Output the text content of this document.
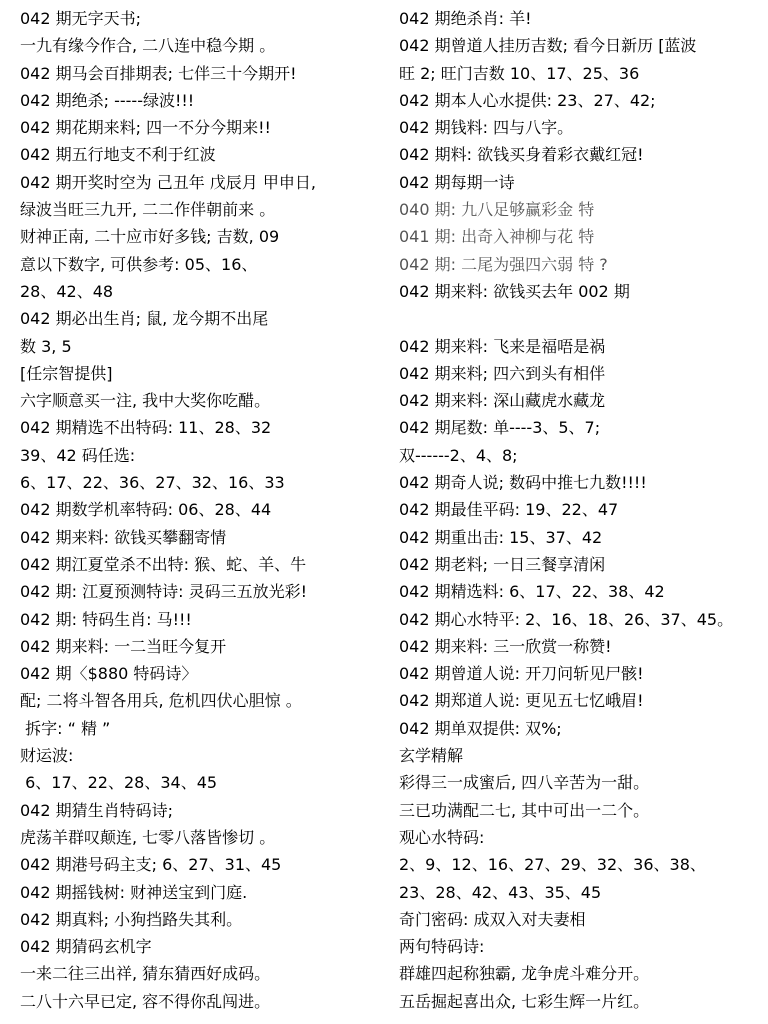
042 期无字天书;
一九有缘今作合, 二八连中稳今期 。
042 期马会百排期表; 七伴三十今期开!
042 期绝杀; -----绿波!!!
042 期花期来料; 四一不分今期来!!
042 期五行地支不利于红波
042 期开奖时空为 己丑年 戊辰月 甲申日,
绿波当旺三九开, 二二作伴朝前来 。
财神正南, 二十应市好多钱; 吉数, 09
意以下数字, 可供参考: 05、16、
28、42、48
042 期必出生肖; 鼠, 龙今期不出尾
数 3, 5
[任宗智提供]
六字顺意买一注, 我中大奖你吃醋。
042 期精选不出特码: 11、28、32
39、42 码任选:
6、17、22、36、27、32、16、33
042 期数学机率特码: 06、28、44
042 期来料: 欲钱买攀翻寄情
042 期江夏堂杀不出特: 猴、蛇、羊、牛
042 期: 江夏预测特诗: 灵码三五放光彩!
042 期: 特码生肖: 马!!!
042 期来料: 一二当旺今复开
042 期〈$880 特码诗〉
配; 二将斗智各用兵, 危机四伏心胆惊 。
拆字: “ 精 ”
财运波:
6、17、22、28、34、45
042 期猜生肖特码诗;
虎荡羊群叹颠连, 七零八落皆惨切 。
042 期港号码主支; 6、27、31、45
042 期摇钱树: 财神送宝到门庭.
042 期真料; 小狗挡路失其利。
042 期猜码玄机字
一来二往三出祥, 猜东猜西好成码。
二八十六早已定, 容不得你乱闯进。
042 期绝杀肖: 羊!
042 期曾道人挂历吉数; 看今日新历 [蓝波
旺 2; 旺门吉数 10、17、25、36
042 期本人心水提供: 23、27、42;
042 期钱料: 四与八字。
042 期料: 欲钱买身着彩衣戴红冠!
042 期每期一诗
040 期: 九八足够赢彩金 特
041 期: 出奇入神柳与花 特
042 期: 二尾为强四六弱 特 ?
042 期来料: 欲钱买去年 002 期
042 期来料: 飞来是福唔是祸
042 期来料; 四六到头有相伴
042 期来料: 深山藏虎水藏龙
042 期尾数: 单----3、5、7;
双------2、4、8;
042 期奇人说; 数码中推七九数!!!!
042 期最佳平码: 19、22、47
042 期重出击: 15、37、42
042 期老料; 一日三餐享清闲
042 期精选料: 6、17、22、38、42
042 期心水特平: 2、16、18、26、37、45。
042 期来料: 三一欣赏一称赞!
042 期曾道人说: 开刀问斩见尸骸!
042 期郑道人说: 更见五七忆峨眉!
042 期单双提供: 双%;
玄学精解
彩得三一成蜜后, 四八辛苦为一甜。
三已功满配二七, 其中可出一二个。
观心水特码:
2、9、12、16、27、29、32、36、38、
23、28、42、43、35、45
奇门密码: 成双入对夫妻相
两句特码诗:
群雄四起称独霸, 龙争虎斗难分开。
五岳掘起喜出众, 七彩生辉一片红。
